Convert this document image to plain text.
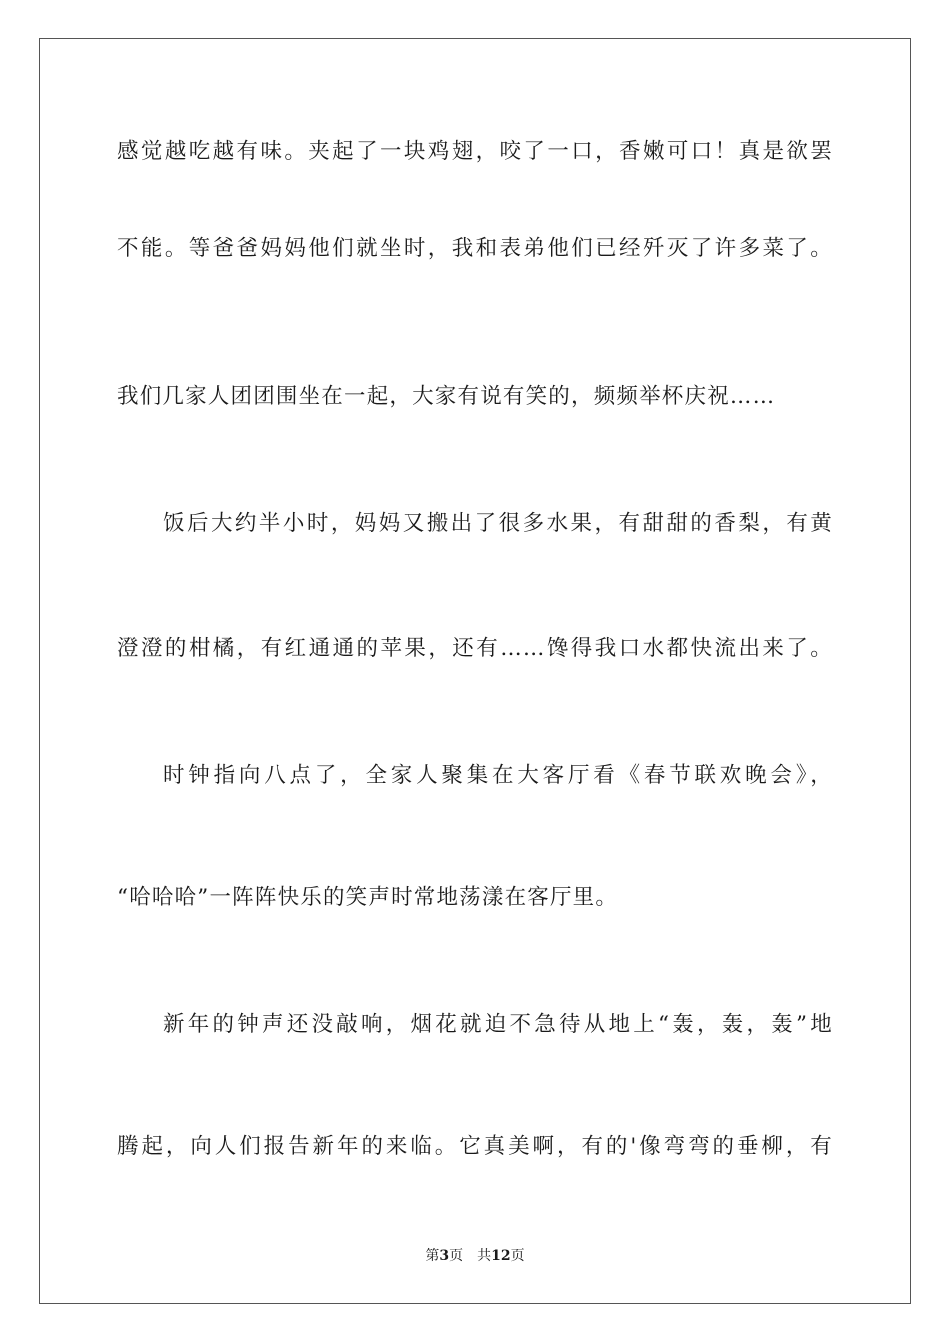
感觉越吃越有味。夹起了一块鸡翅，咬了一口，香嫩可口！真是欲罢
不能。等爸爸妈妈他们就坐时，我和表弟他们已经歼灭了许多菜了。
我们几家人团团围坐在一起，大家有说有笑的，频频举杯庆祝……
饭后大约半小时，妈妈又搬出了很多水果，有甜甜的香梨，有黄
澄澄的柑橘，有红通通的苹果，还有……馋得我口水都快流出来了。
时钟指向八点了，全家人聚集在大客厅看《春节联欢晚会》，
“哈哈哈”一阵阵快乐的笑声时常地荡漾在客厅里。
新年的钟声还没敲响，烟花就迫不急待从地上“轰，轰，轰”地
腾起，向人们报告新年的来临。它真美啊，有的'像弯弯的垂柳，有
第3页 共12页
